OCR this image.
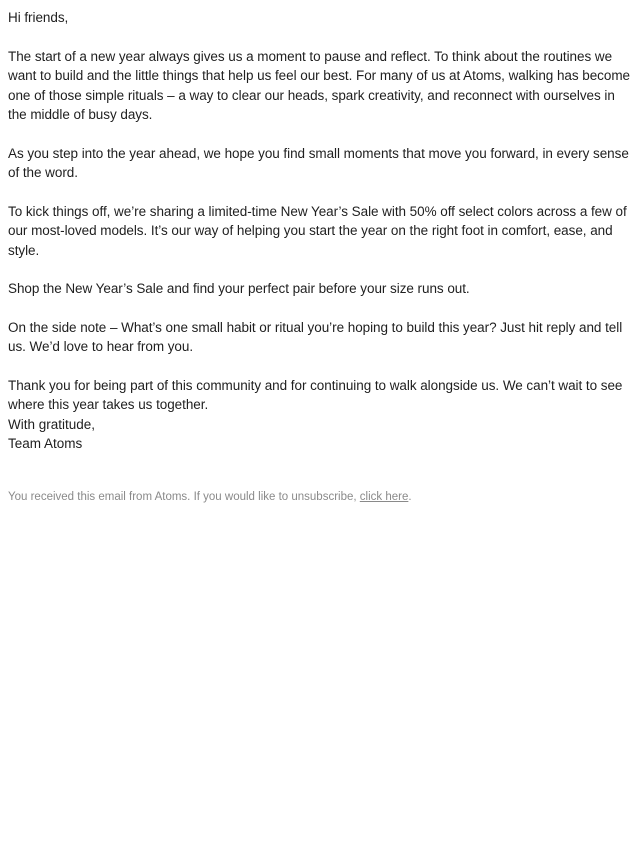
Hi friends,

The start of a new year always gives us a moment to pause and reflect. To think about the routines we want to build and the little things that help us feel our best. For many of us at Atoms, walking has become one of those simple rituals – a way to clear our heads, spark creativity, and reconnect with ourselves in the middle of busy days.

As you step into the year ahead, we hope you find small moments that move you forward, in every sense of the word.

To kick things off, we’re sharing a limited-time New Year’s Sale with 50% off select colors across a few of our most-loved models. It’s our way of helping you start the year on the right foot in comfort, ease, and style.

Shop the New Year’s Sale and find your perfect pair before your size runs out.

On the side note – What’s one small habit or ritual you’re hoping to build this year? Just hit reply and tell us. We’d love to hear from you.

Thank you for being part of this community and for continuing to walk alongside us. We can’t wait to see where this year takes us together.

With gratitude,
Team Atoms
You received this email from Atoms. If you would like to unsubscribe, click here.
